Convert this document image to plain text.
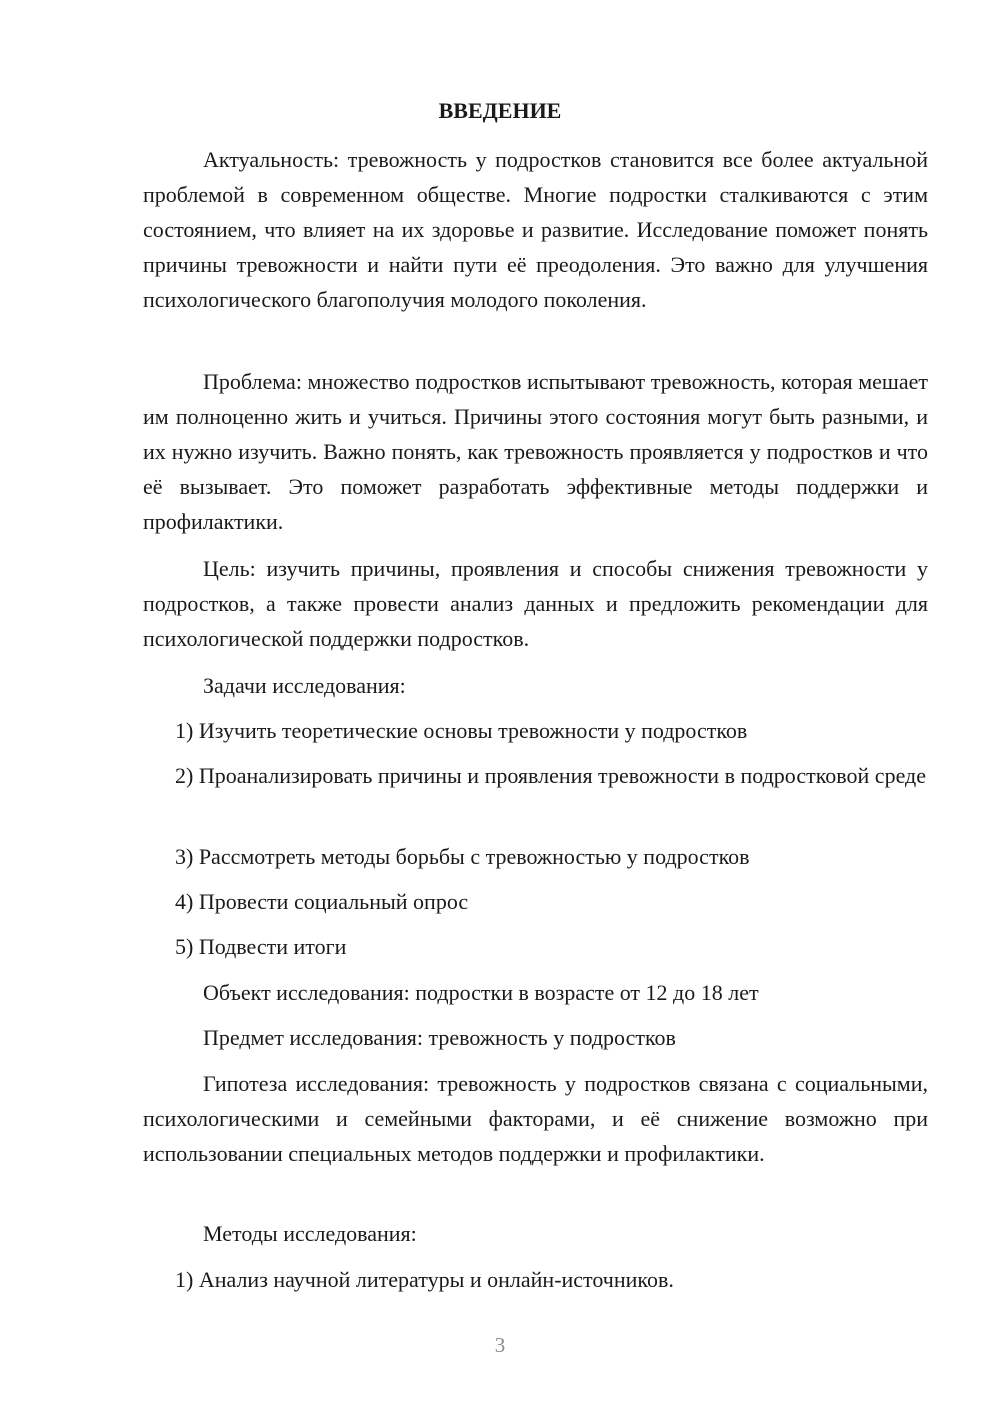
ВВЕДЕНИЕ

Актуальность: тревожность у подростков становится все более актуальной проблемой в современном обществе. Многие подростки сталкиваются с этим состоянием, что влияет на их здоровье и развитие. Исследование поможет понять причины тревожности и найти пути её преодоления. Это важно для улучшения психологического благополучия молодого поколения.

Проблема: множество подростков испытывают тревожность, которая мешает им полноценно жить и учиться. Причины этого состояния могут быть разными, и их нужно изучить. Важно понять, как тревожность проявляется у подростков и что её вызывает. Это поможет разработать эффективные методы поддержки и профилактики.

Цель: изучить причины, проявления и способы снижения тревожности у подростков, а также провести анализ данных и предложить рекомендации для психологической поддержки подростков.

Задачи исследования:

1) Изучить теоретические основы тревожности у подростков

2) Проанализировать причины и проявления тревожности в подростковой среде

3) Рассмотреть методы борьбы с тревожностью у подростков

4) Провести социальный опрос

5) Подвести итоги

Объект исследования: подростки в возрасте от 12 до 18 лет

Предмет исследования: тревожность у подростков

Гипотеза исследования: тревожность у подростков связана с социальными, психологическими и семейными факторами, и её снижение возможно при использовании специальных методов поддержки и профилактики.

Методы исследования:

1) Анализ научной литературы и онлайн-источников.

3
